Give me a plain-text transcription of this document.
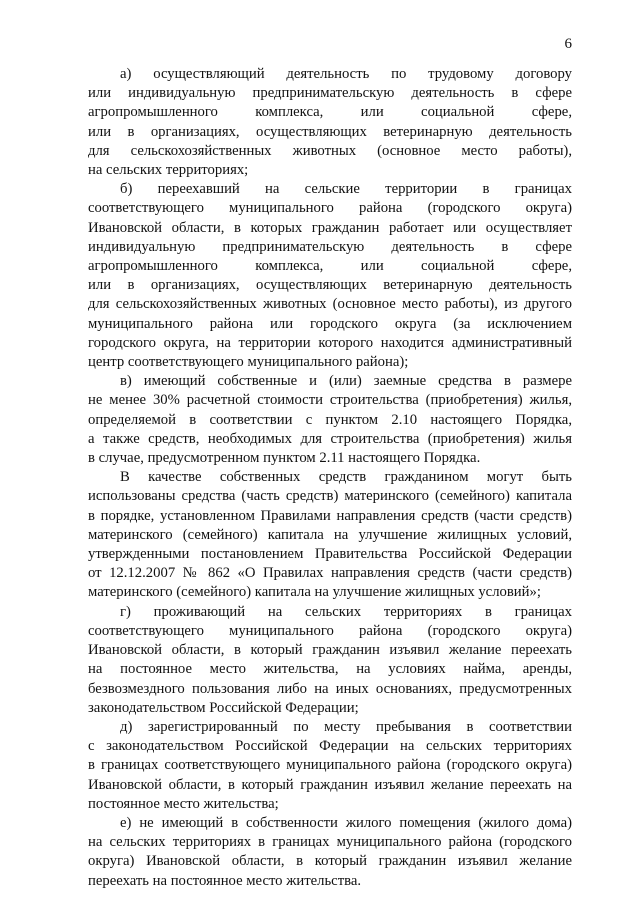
6
а) осуществляющий деятельность по трудовому договору
или индивидуальную предпринимательскую деятельность в сфере
агропромышленного комплекса, или социальной сфере,
или в организациях, осуществляющих ветеринарную деятельность
для сельскохозяйственных животных (основное место работы),
на сельских территориях;
б) переехавший на сельские территории в границах
соответствующего муниципального района (городского округа)
Ивановской области, в которых гражданин работает или осуществляет
индивидуальную предпринимательскую деятельность в сфере
агропромышленного комплекса, или социальной сфере,
или в организациях, осуществляющих ветеринарную деятельность
для сельскохозяйственных животных (основное место работы), из другого
муниципального района или городского округа (за исключением
городского округа, на территории которого находится административный
центр соответствующего муниципального района);
в) имеющий собственные и (или) заемные средства в размере
не менее 30% расчетной стоимости строительства (приобретения) жилья,
определяемой в соответствии с пунктом 2.10 настоящего Порядка,
а также средств, необходимых для строительства (приобретения) жилья
в случае, предусмотренном пунктом 2.11 настоящего Порядка.
В качестве собственных средств гражданином могут быть
использованы средства (часть средств) материнского (семейного) капитала
в порядке, установленном Правилами направления средств (части средств)
материнского (семейного) капитала на улучшение жилищных условий,
утвержденными постановлением Правительства Российской Федерации
от 12.12.2007 № 862 «О Правилах направления средств (части средств)
материнского (семейного) капитала на улучшение жилищных условий»;
г) проживающий на сельских территориях в границах
соответствующего муниципального района (городского округа)
Ивановской области, в который гражданин изъявил желание переехать
на постоянное место жительства, на условиях найма, аренды,
безвозмездного пользования либо на иных основаниях, предусмотренных
законодательством Российской Федерации;
д) зарегистрированный по месту пребывания в соответствии
с законодательством Российской Федерации на сельских территориях
в границах соответствующего муниципального района (городского округа)
Ивановской области, в который гражданин изъявил желание переехать на
постоянное место жительства;
е) не имеющий в собственности жилого помещения (жилого дома)
на сельских территориях в границах муниципального района (городского
округа) Ивановской области, в который гражданин изъявил желание
переехать на постоянное место жительства.
